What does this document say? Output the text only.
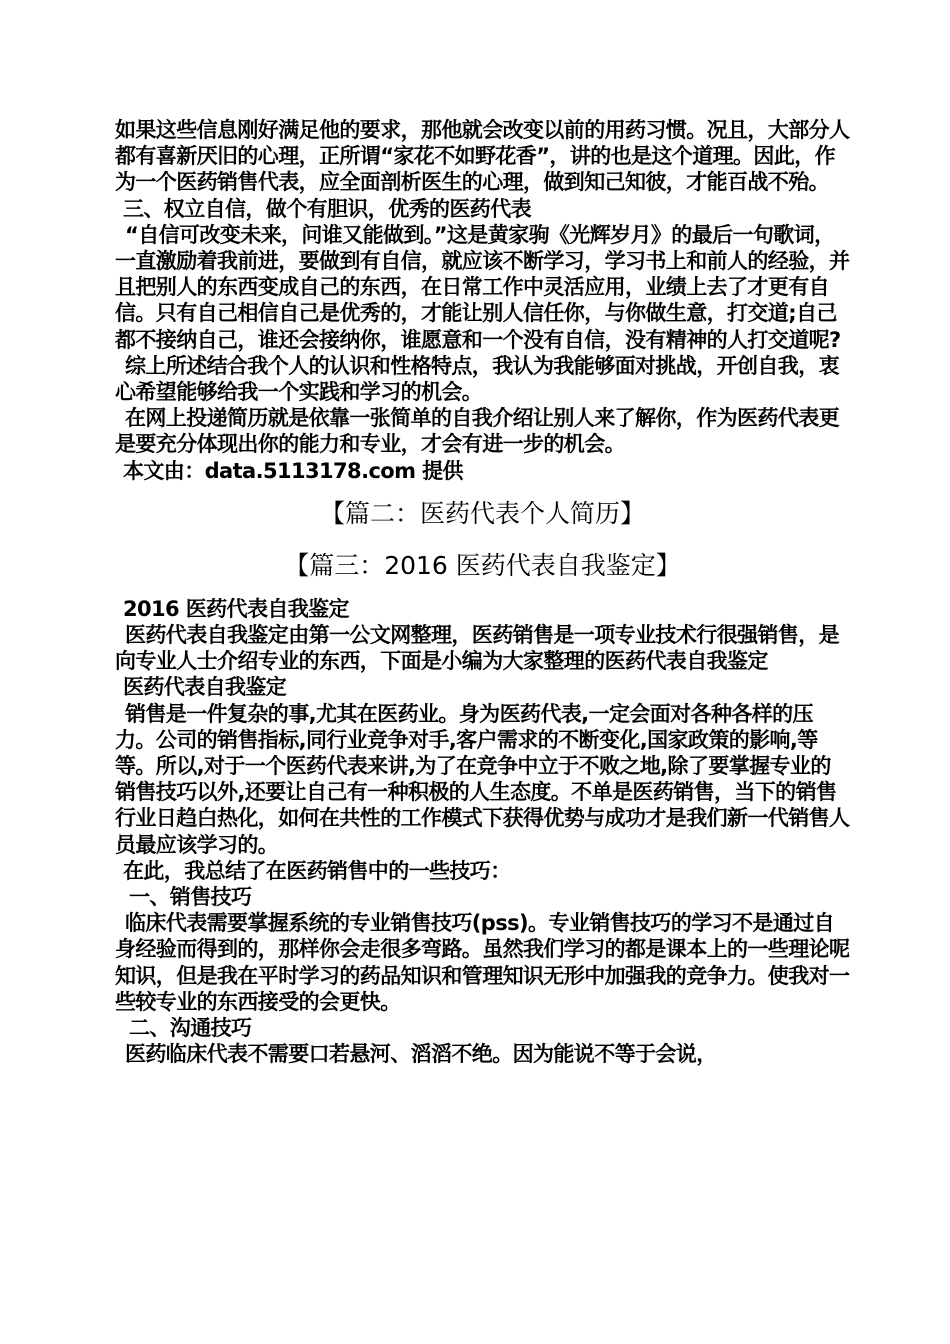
如果这些信息刚好满足他的要求，那他就会改变以前的用药习惯。况且，大部分人都有喜新厌旧的心理，正所谓“家花不如野花香”，讲的也是这个道理。因此，作为一个医药销售代表，应全面剖析医生的心理，做到知己知彼，才能百战不殆。

三、权立自信，做个有胆识，优秀的医药代表

“自信可改变未来，问谁又能做到。”这是黄家驹《光辉岁月》的最后一句歌词，一直激励着我前进，要做到有自信，就应该不断学习，学习书上和前人的经验，并且把别人的东西变成自己的东西，在日常工作中灵活应用，业绩上去了才更有自信。只有自己相信自己是优秀的，才能让别人信任你，与你做生意，打交道;自己都不接纳自己，谁还会接纳你，谁愿意和一个没有自信，没有精神的人打交道呢?

综上所述结合我个人的认识和性格特点，我认为我能够面对挑战，开创自我，衷心希望能够给我一个实践和学习的机会。

在网上投递简历就是依靠一张简单的自我介绍让别人来了解你，作为医药代表更是要充分体现出你的能力和专业，才会有进一步的机会。

本文由：data.5113178.com 提供

【篇二：医药代表个人简历】

【篇三：2016 医药代表自我鉴定】

2016 医药代表自我鉴定

医药代表自我鉴定由第一公文网整理，医药销售是一项专业技术行很强销售，是向专业人士介绍专业的东西，下面是小编为大家整理的医药代表自我鉴定

医药代表自我鉴定

销售是一件复杂的事,尤其在医药业。身为医药代表,一定会面对各种各样的压力。公司的销售指标,同行业竞争对手,客户需求的不断变化,国家政策的影响,等等。所以,对于一个医药代表来讲,为了在竞争中立于不败之地,除了要掌握专业的销售技巧以外,还要让自己有一种积极的人生态度。不单是医药销售，当下的销售行业日趋白热化，如何在共性的工作模式下获得优势与成功才是我们新一代销售人员最应该学习的。

在此，我总结了在医药销售中的一些技巧：

一、销售技巧

临床代表需要掌握系统的专业销售技巧(pss)。专业销售技巧的学习不是通过自身经验而得到的，那样你会走很多弯路。虽然我们学习的都是课本上的一些理论呢知识，但是我在平时学习的药品知识和管理知识无形中加强我的竞争力。使我对一些较专业的东西接受的会更快。

二、沟通技巧

医药临床代表不需要口若悬河、滔滔不绝。因为能说不等于会说，
